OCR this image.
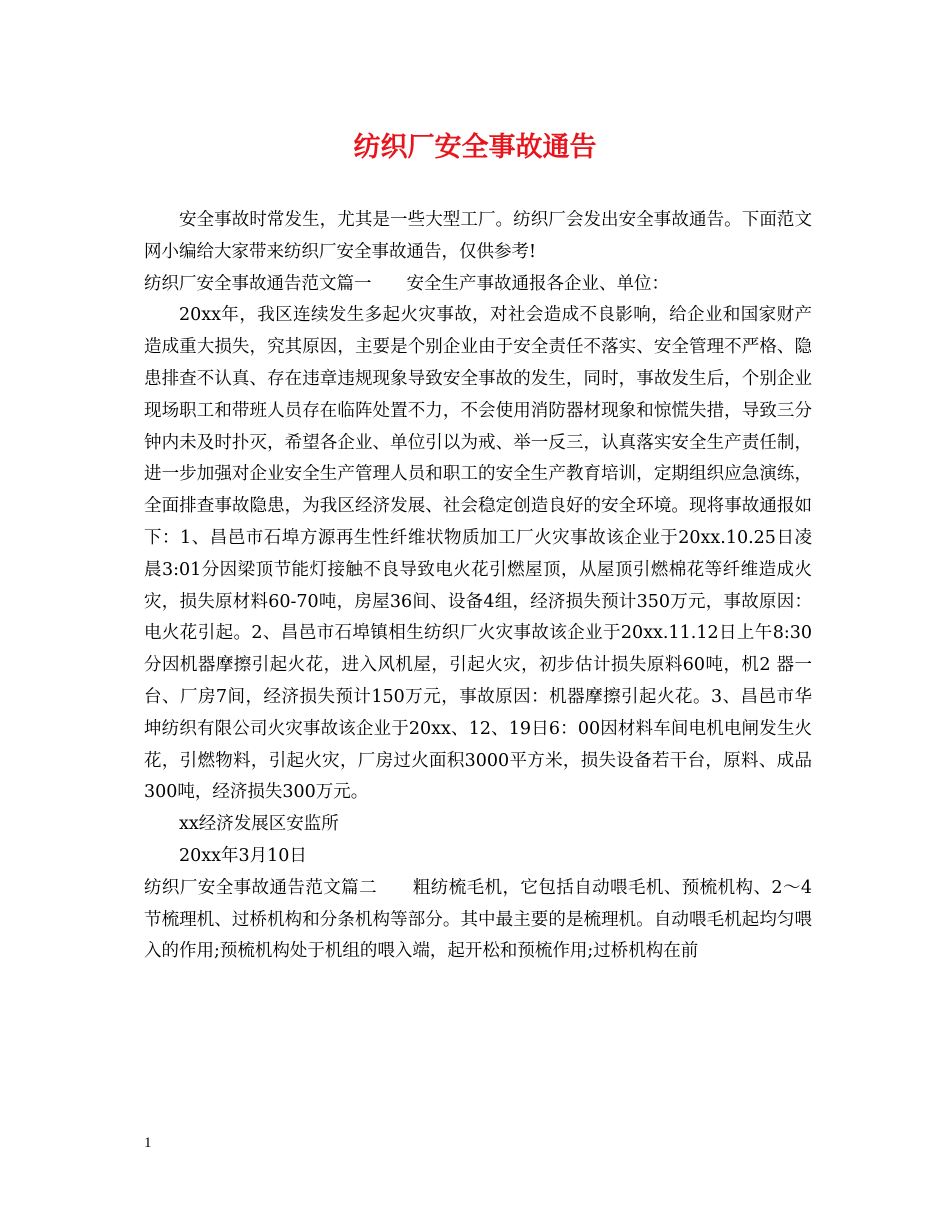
纺织厂安全事故通告

安全事故时常发生，尤其是一些大型工厂。纺织厂会发出安全事故通告。下面范文网小编给大家带来纺织厂安全事故通告，仅供参考!

纺织厂安全事故通告范文篇一　　安全生产事故通报各企业、单位：

20xx年，我区连续发生多起火灾事故，对社会造成不良影响，给企业和国家财产造成重大损失，究其原因，主要是个别企业由于安全责任不落实、安全管理不严格、隐患排查不认真、存在违章违规现象导致安全事故的发生，同时，事故发生后，个别企业现场职工和带班人员存在临阵处置不力，不会使用消防器材现象和惊慌失措，导致三分钟内未及时扑灭，希望各企业、单位引以为戒、举一反三，认真落实安全生产责任制，进一步加强对企业安全生产管理人员和职工的安全生产教育培训，定期组织应急演练，全面排查事故隐患，为我区经济发展、社会稳定创造良好的安全环境。现将事故通报如下：1、昌邑市石埠方源再生性纤维状物质加工厂火灾事故该企业于20xx.10.25日凌晨3:01分因梁顶节能灯接触不良导致电火花引燃屋顶，从屋顶引燃棉花等纤维造成火灾，损失原材料60-70吨，房屋36间、设备4组，经济损失预计350万元，事故原因：电火花引起。2、昌邑市石埠镇相生纺织厂火灾事故该企业于20xx.11.12日上午8:30分因机器摩擦引起火花，进入风机屋，引起火灾，初步估计损失原料60吨，机2 器一台、厂房7间，经济损失预计150万元，事故原因：机器摩擦引起火花。3、昌邑市华坤纺织有限公司火灾事故该企业于20xx、12、19日6：00因材料车间电机电闸发生火花，引燃物料，引起火灾，厂房过火面积3000平方米，损失设备若干台，原料、成品300吨，经济损失300万元。

xx经济发展区安监所

20xx年3月10日

纺织厂安全事故通告范文篇二　　粗纺梳毛机，它包括自动喂毛机、预梳机构、2～4节梳理机、过桥机构和分条机构等部分。其中最主要的是梳理机。自动喂毛机起均匀喂入的作用;预梳机构处于机组的喂入端，起开松和预梳作用;过桥机构在前

1
